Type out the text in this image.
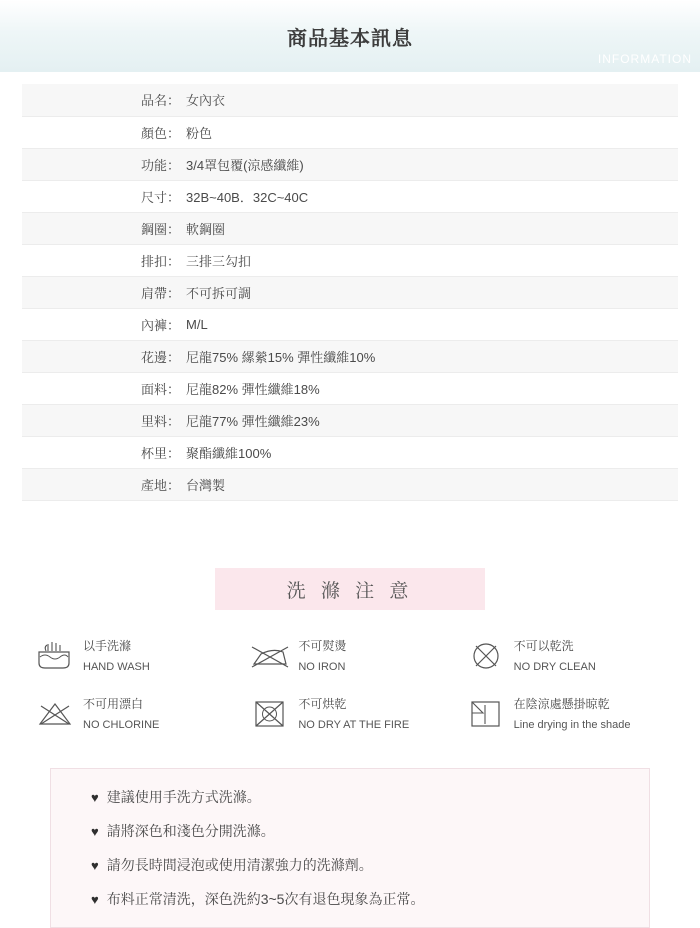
商品基本訊息
INFORMATION
品名：	女內衣
顏色：	粉色
功能：	3/4罩包覆(涼感纖維)
尺寸：	32B~40B．32C~40C
鋼圈：	軟鋼圈
排扣：	三排三勾扣
肩帶：	不可拆可調
內褲：	M/L
花邊：	尼龍75% 縲縈15% 彈性纖維10%
面料：	尼龍82% 彈性纖維18%
里料：	尼龍77% 彈性纖維23%
杯里：	聚酯纖維100%
產地：	台灣製

洗 滌 注 意
以手洗滌
HAND WASH
不可熨燙
NO IRON
不可以乾洗
NO DRY CLEAN
不可用漂白
NO CHLORINE
不可烘乾
NO DRY AT THE FIRE
在陰涼處懸掛晾乾
Line drying in the shade
♥ 建議使用手洗方式洗滌。
♥ 請將深色和淺色分開洗滌。
♥ 請勿長時間浸泡或使用清潔強力的洗滌劑。
♥ 布料正常清洗，深色洗約3~5次有退色現象為正常。
